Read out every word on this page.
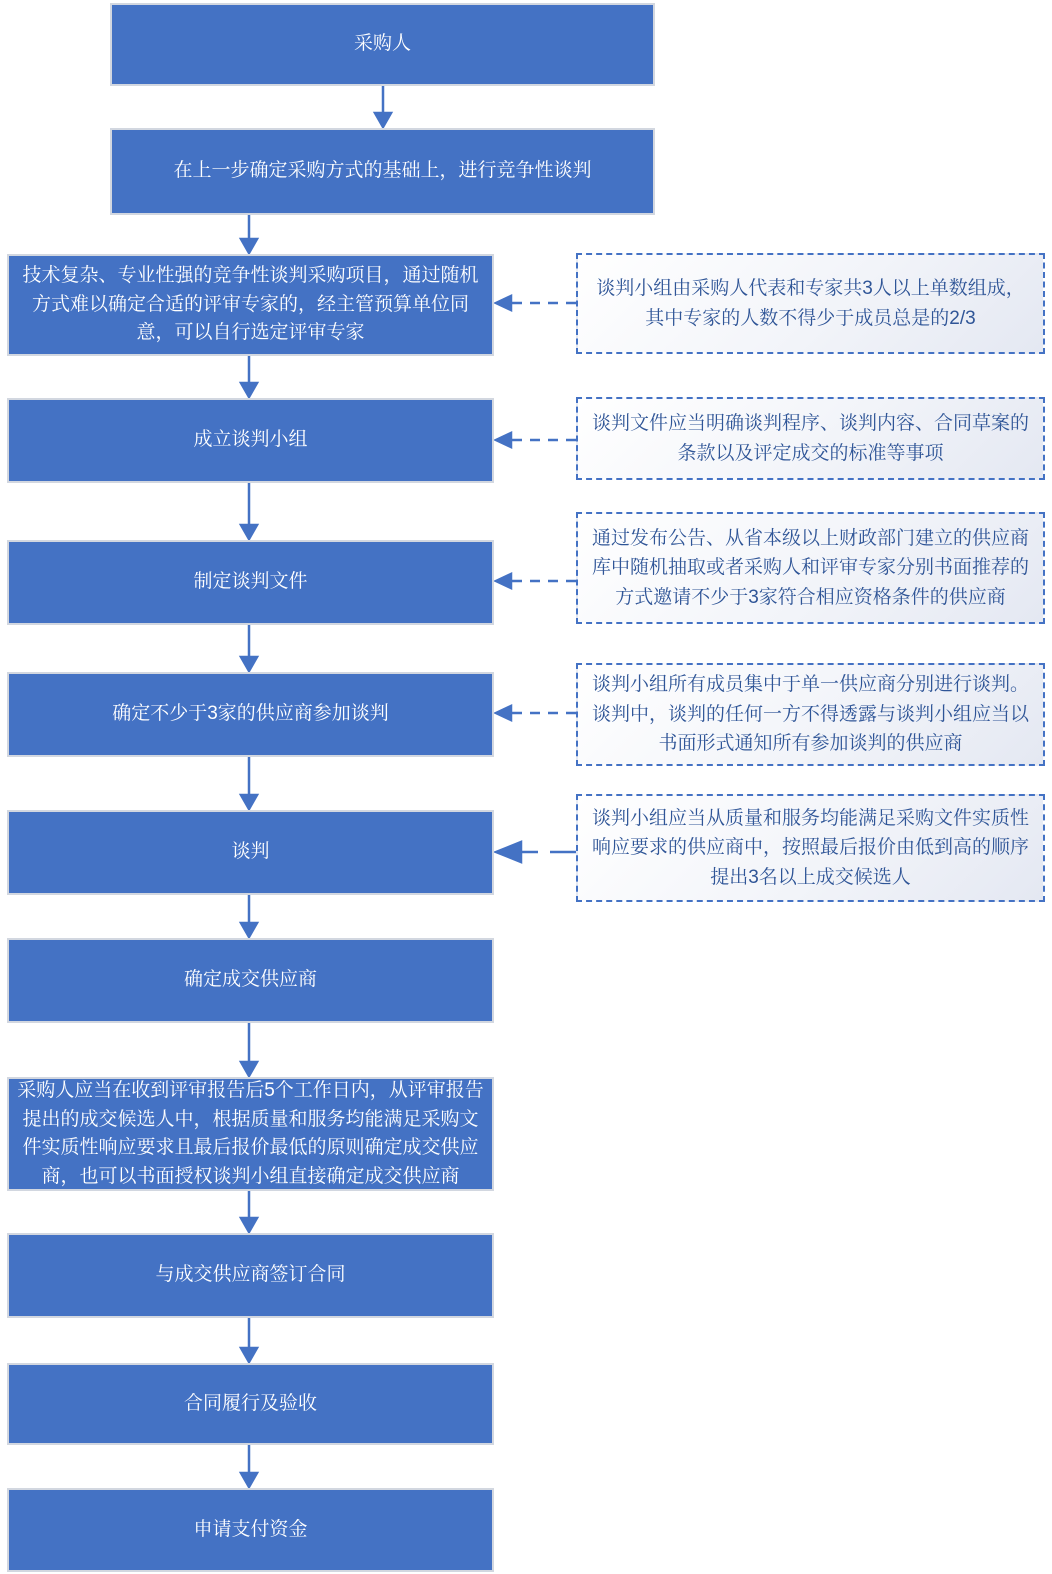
采购人
在上一步确定采购方式的基础上，进行竞争性谈判
技术复杂、专业性强的竞争性谈判采购项目，通过随机方式难以确定合适的评审专家的，经主管预算单位同意，可以自行选定评审专家
成立谈判小组
制定谈判文件
确定不少于3家的供应商参加谈判
谈判
确定成交供应商
采购人应当在收到评审报告后5个工作日内，从评审报告提出的成交候选人中，根据质量和服务均能满足采购文件实质性响应要求且最后报价最低的原则确定成交供应商，也可以书面授权谈判小组直接确定成交供应商
与成交供应商签订合同
合同履行及验收
申请支付资金
谈判小组由采购人代表和专家共3人以上单数组成，其中专家的人数不得少于成员总是的2/3
谈判文件应当明确谈判程序、谈判内容、合同草案的条款以及评定成交的标准等事项
通过发布公告、从省本级以上财政部门建立的供应商库中随机抽取或者采购人和评审专家分别书面推荐的方式邀请不少于3家符合相应资格条件的供应商
谈判小组所有成员集中于单一供应商分别进行谈判。谈判中，谈判的任何一方不得透露与谈判小组应当以书面形式通知所有参加谈判的供应商
谈判小组应当从质量和服务均能满足采购文件实质性响应要求的供应商中，按照最后报价由低到高的顺序提出3名以上成交候选人
